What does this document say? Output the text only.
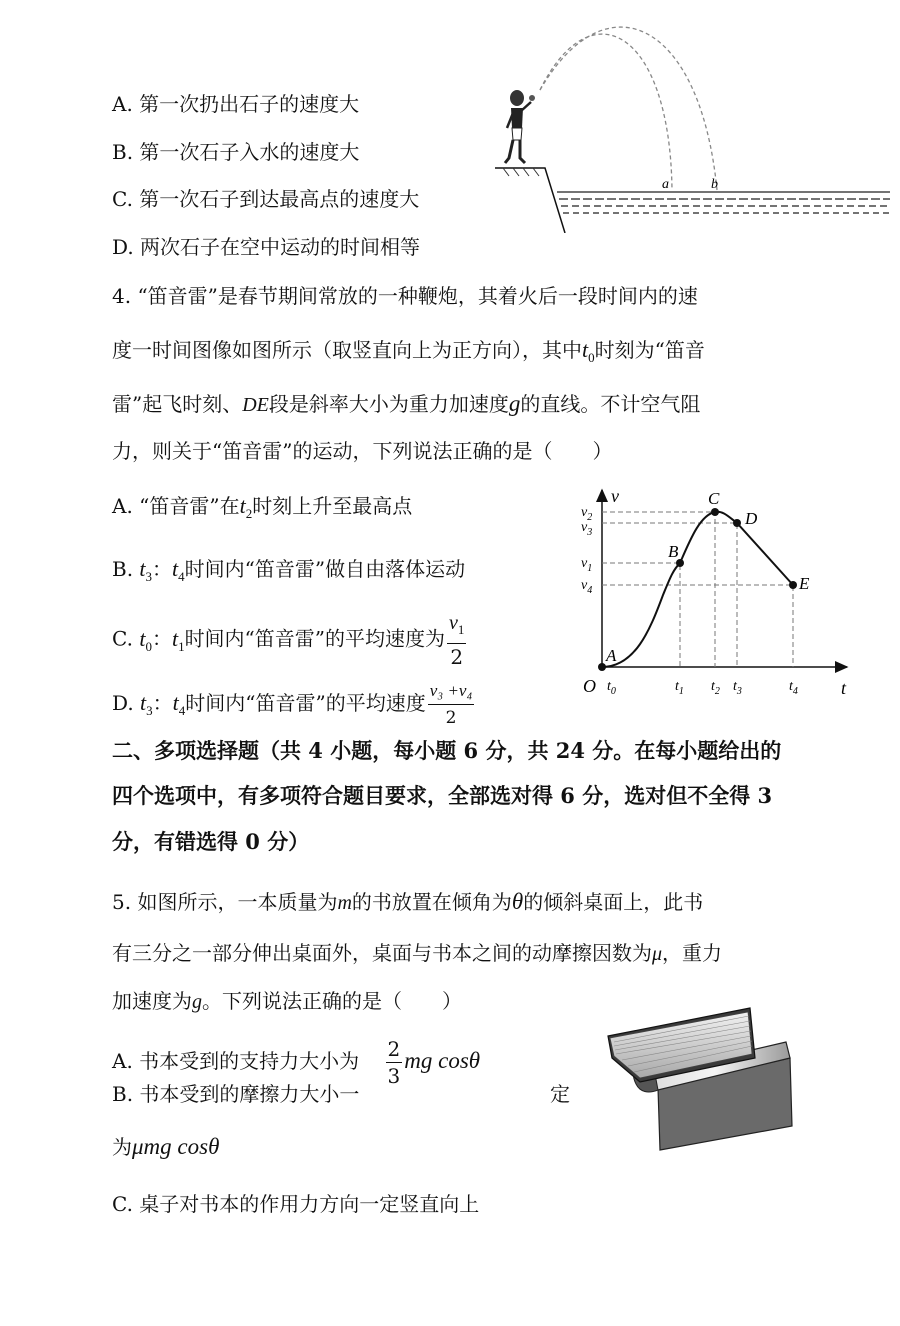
A. 第一次扔出石子的速度大
B. 第一次石子入水的速度大
C. 第一次石子到达最高点的速度大
D. 两次石子在空中运动的时间相等
a	b
4. “笛音雷”是春节期间常放的一种鞭炮，其着火后一段时间内的速
度一时间图像如图所示（取竖直向上为正方向），其中$t_0$时刻为“笛音
雷”起飞时刻、DE段是斜率大小为重力加速度g的直线。不计空气阻
力，则关于“笛音雷”的运动，下列说法正确的是（　　）
A. “笛音雷”在$t_2$时刻上升至最高点
B. $t_3$：$t_4$时间内“笛音雷”做自由落体运动
C. $t_0$：$t_1$时间内“笛音雷”的平均速度为 $\frac{v_1}{2}$
D. $t_3$：$t_4$时间内“笛音雷”的平均速度 $\frac{\text{v₃ +v₄}}{2}$
v
t
O
A
B
C
D
E
$v_2$
$v_3$
$v_1$
$v_4$
$t_0$	$t_1$ $t_2$ $t_3$	$t_4$
二、多项选择题（共 4 小题，每小题 6 分，共 24 分。在每小题给出的
四个选项中，有多项符合题目要求，全部选对得 6 分，选对但不全得 3
分，有错选得 0 分）
5. 如图所示，一本质量为m的书放置在倾角为θ的倾斜桌面上，此书
有三分之一部分伸出桌面外，桌面与书本之间的动摩擦因数为μ，重力
加速度为g。下列说法正确的是（　　）
A. 书本受到的支持力大小为 $\frac{2}{3}$ mg cosθ
B. 书本受到的摩擦力大小一	定
为μmg cosθ
C. 桌子对书本的作用力方向一定竖直向上
